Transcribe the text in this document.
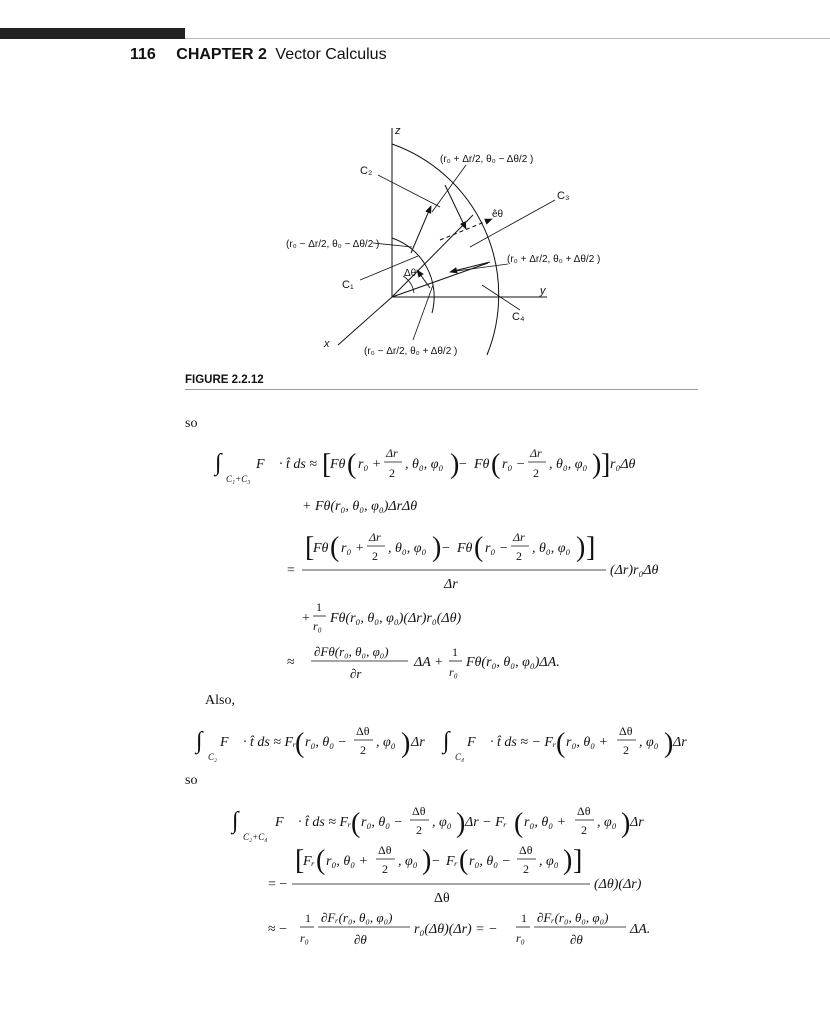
116 CHAPTER 2 Vector Calculus
z
x
y
C₂
C₃
C₁
C₄
êθ
Δθ
(r₀ + Δr/2, θ₀ − Δθ/2 )
(r₀ − Δr/2, θ₀ − Δθ/2 )
(r₀ + Δr/2, θ₀ + Δθ/2 )
(r₀ − Δr/2, θ₀ + Δθ/2 )
FIGURE 2.2.12
so
Also,
so
∫
C₁+C₃
F⃗ · t̂ ds ≈ [
Fθ ( r₀ +
Δr
2
, θ₀, φ₀ ) − Fθ ( r₀ −
Δr
2
, θ₀, φ₀ ) ] r₀Δθ
+ Fθ(r₀, θ₀, φ₀)ΔrΔθ
[
Fθ ( r₀ +
Δr
2 , θ₀, φ₀ ) − Fθ ( r₀ −
Δr
2 , θ₀, φ₀ ) ]
=
Δr
(Δr)r₀Δθ
+
1
r₀ Fθ(r₀, θ₀, φ₀)(Δr)r₀(Δθ)
≈
∂Fθ(r₀, θ₀, φ₀)
∂r
ΔA +
1
r₀
Fθ(r₀, θ₀, φ₀)ΔA.
∫
C₂
F⃗ · t̂ ds ≈ Fᵣ
( r₀, θ₀ −
Δθ
2 , φ₀ ) Δr ∫
C₄
F⃗ · t̂ ds ≈ − Fᵣ ( r₀, θ₀ +
Δθ
2 , φ₀ ) Δr
∫
C₂+C₄
F⃗ · t̂ ds ≈ Fᵣ ( r₀, θ₀ −
Δθ
2 , φ₀ ) Δr − Fᵣ ( r₀, θ₀ +
Δθ
2 , φ₀ ) Δr
[
Fᵣ ( r₀, θ₀ +
Δθ
2 , φ₀ ) − Fᵣ ( r₀, θ₀ −
Δθ
2 , φ₀ ) ]
= −
Δθ
(Δθ)(Δr)
≈ −
1
r₀
∂Fᵣ(r₀, θ₀, φ₀)
∂θ
r₀(Δθ)(Δr) = −
1
r₀
∂Fᵣ(r₀, θ₀, φ₀)
∂θ
ΔA.
